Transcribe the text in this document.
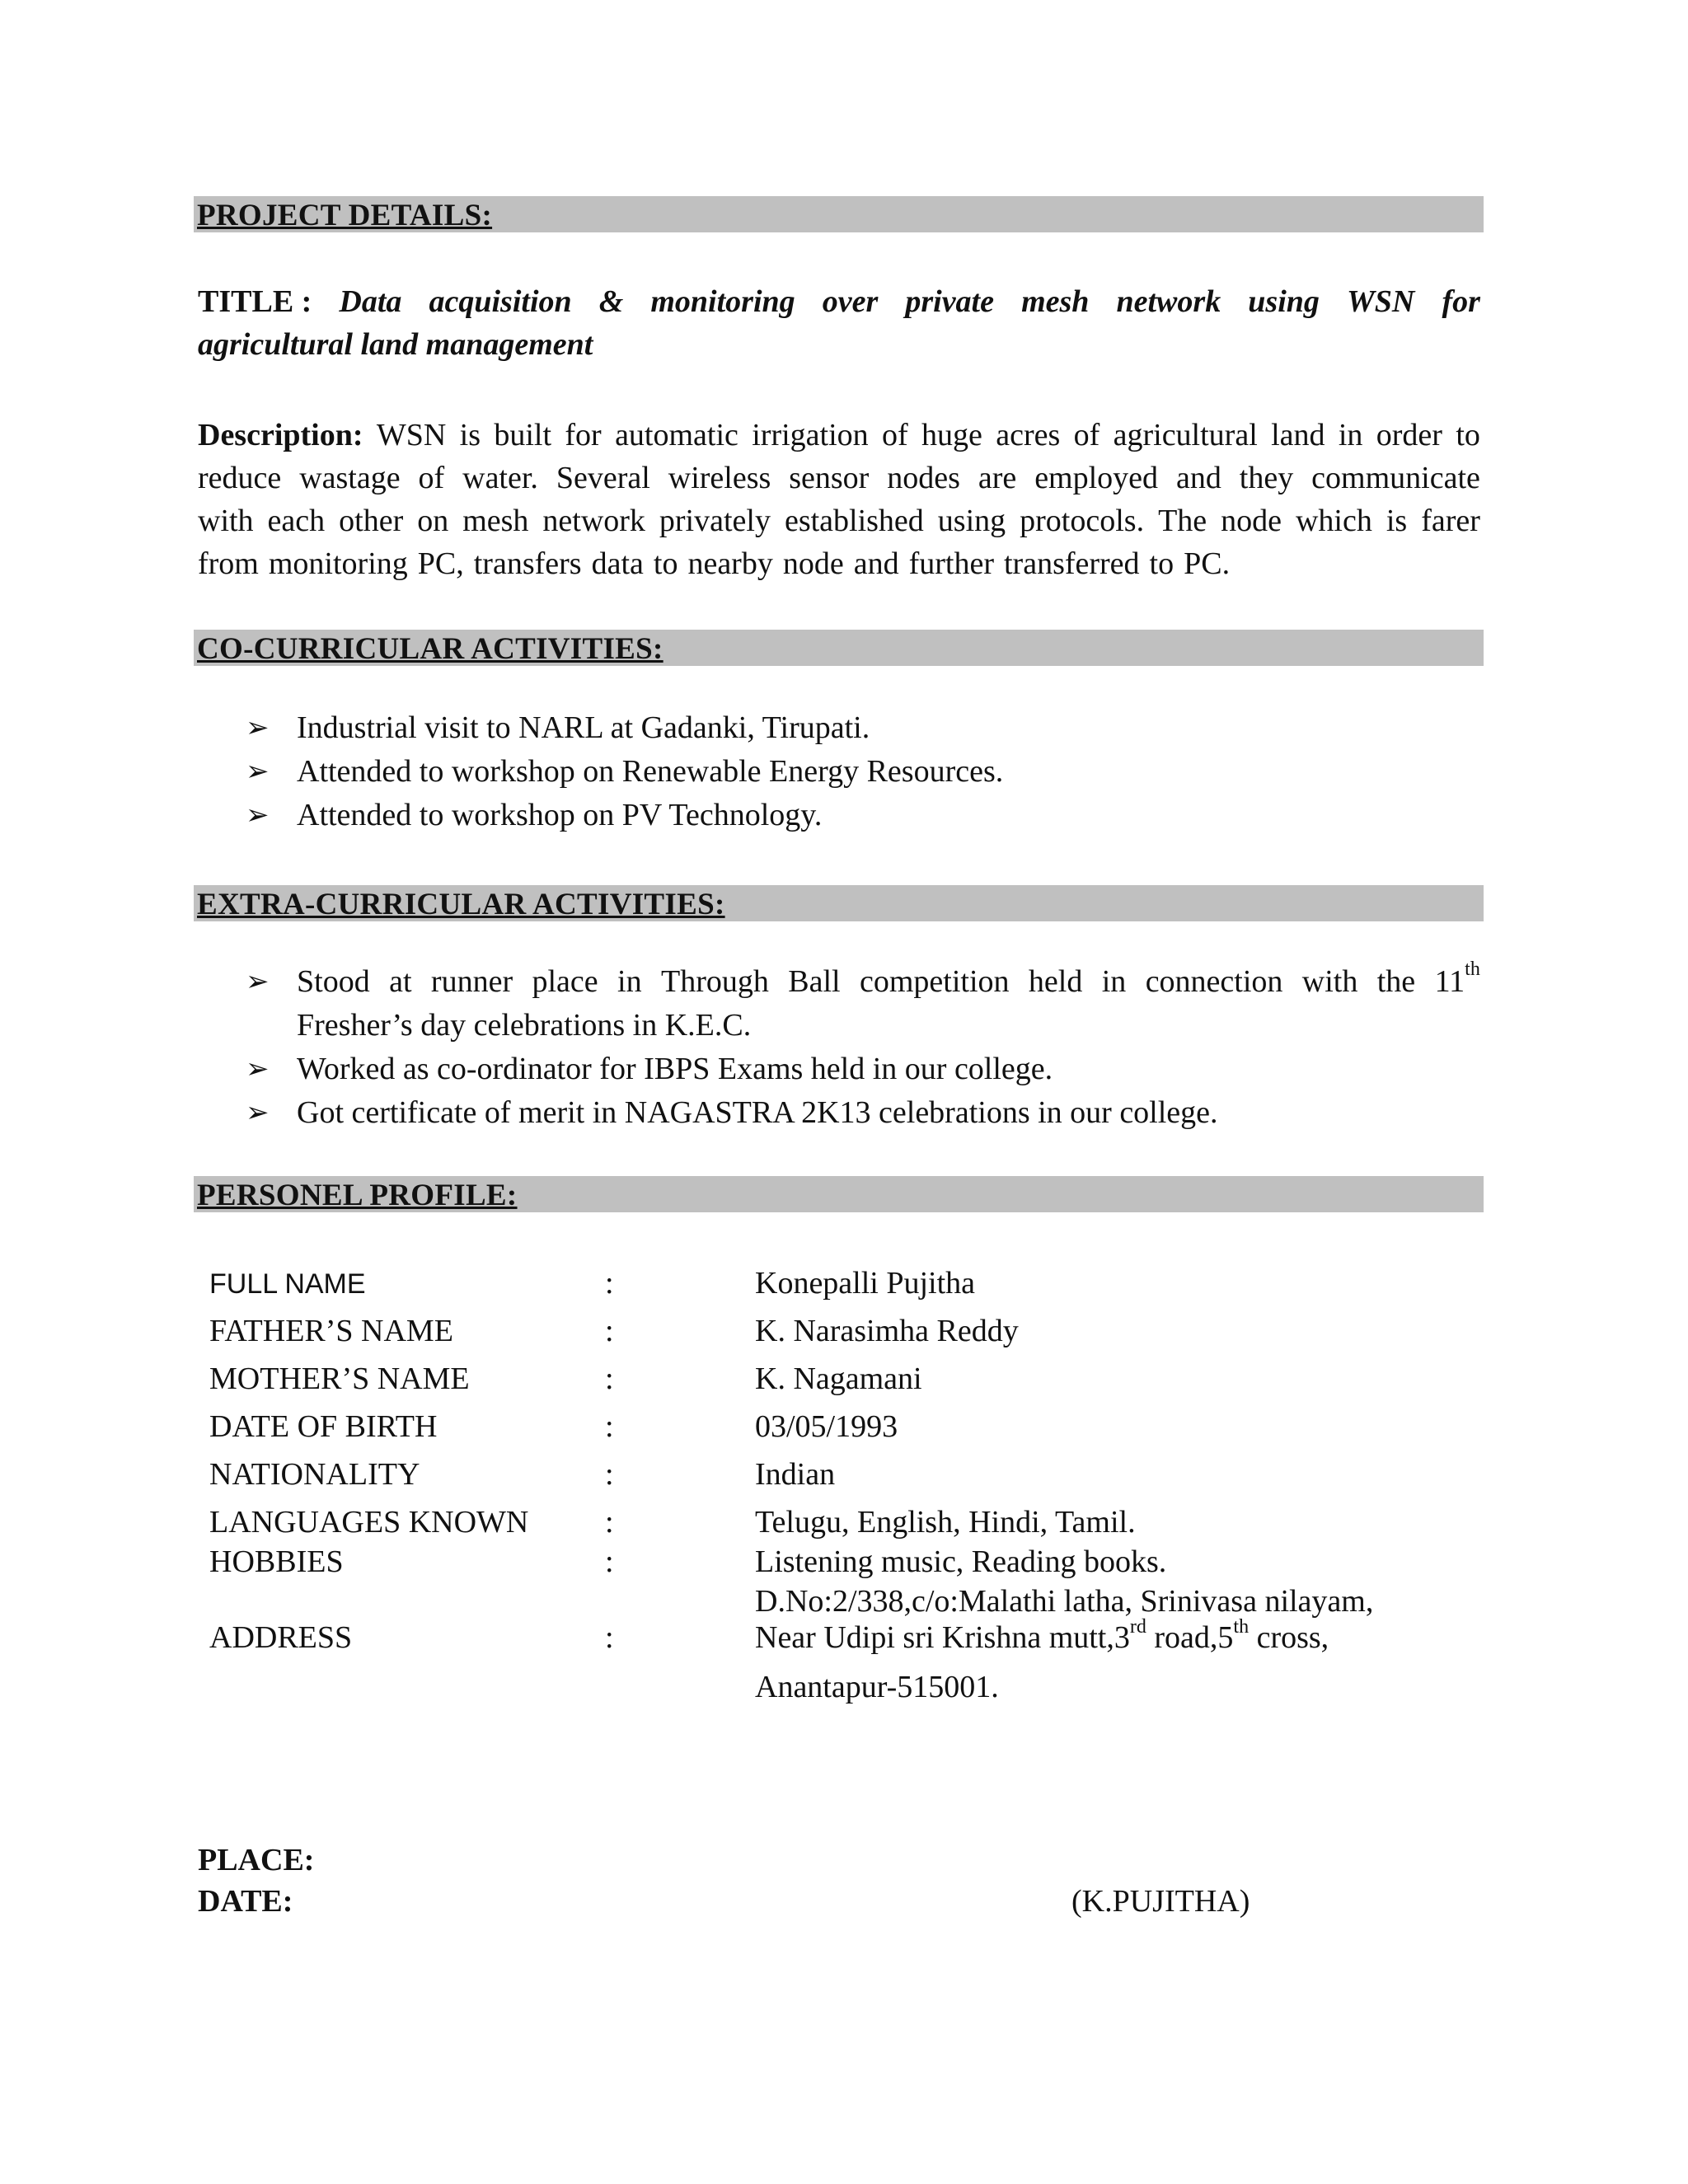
PROJECT DETAILS:
TITLE : Data acquisition & monitoring over private mesh network using WSN for
agricultural land management
Description: WSN is built for automatic irrigation of huge acres of agricultural land in order to
reduce wastage of water. Several wireless sensor nodes are employed and they communicate
with each other on mesh network privately established using protocols. The node which is farer
from monitoring PC, transfers data to nearby node and further transferred to PC.
CO-CURRICULAR ACTIVITIES:
➢ Industrial visit to NARL at Gadanki, Tirupati.
➢ Attended to workshop on Renewable Energy Resources.
➢ Attended to workshop on PV Technology.
EXTRA-CURRICULAR ACTIVITIES:
➢ Stood at runner place in Through Ball competition held in connection with the 11th
Fresher’s day celebrations in K.E.C.
➢ Worked as co-ordinator for IBPS Exams held in our college.
➢ Got certificate of merit in NAGASTRA 2K13 celebrations in our college.
PERSONEL PROFILE:
FULL NAME	:	Konepalli Pujitha
FATHER’S NAME	:	K. Narasimha Reddy
MOTHER’S NAME	:	K. Nagamani
DATE OF BIRTH	:	03/05/1993
NATIONALITY	:	Indian
LANGUAGES KNOWN :	Telugu, English, Hindi, Tamil.
HOBBIES	:	Listening music, Reading books.
D.No:2/338,c/o:Malathi latha, Srinivasa nilayam,
ADDRESS	:	Near Udipi sri Krishna mutt,3rd road,5th cross,
Anantapur-515001.
PLACE:
DATE:	(K.PUJITHA)
